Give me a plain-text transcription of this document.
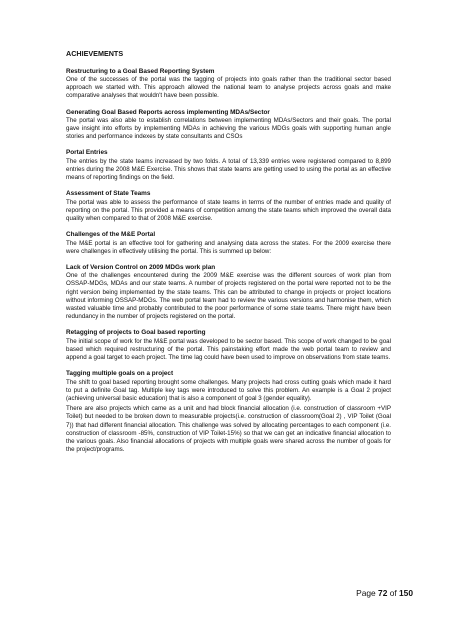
ACHIEVEMENTS
Restructuring to a Goal Based Reporting System

One of the successes of the portal was the tagging of projects into goals rather than the traditional sector based approach we started with. This approach allowed the national team to analyse projects across goals and make comparative analyses that wouldn't have been possible.

Generating Goal Based Reports across implementing MDAs/Sector

The portal was also able to establish correlations between implementing MDAs/Sectors and their goals. The portal gave insight into efforts by implementing MDAs in achieving the various MDGs goals with supporting human angle stories and performance indexes by state consultants and CSOs

Portal Entries

The entries by the state teams increased by two folds. A total of 13,339 entries were registered compared to 8,899 entries during the 2008 M&E Exercise. This shows that state teams are getting used to using the portal as an effective means of reporting findings on the field.

Assessment of State Teams

The portal was able to assess the performance of state teams in terms of the number of entries made and quality of reporting on the portal. This provided a means of competition among the state teams which improved the overall data quality when compared to that of 2008 M&E exercise.

Challenges of the M&E Portal

The M&E portal is an effective tool for gathering and analysing data across the states. For the 2009 exercise there were challenges in effectively utilising the portal. This is summed up below:

Lack of Version Control on 2009 MDGs work plan

One of the challenges encountered during the 2009 M&E exercise was the different sources of work plan from OSSAP-MDGs, MDAs and our state teams. A number of projects registered on the portal were reported not to be the right version being implemented by the state teams. This can be attributed to change in projects or project locations without informing OSSAP-MDGs. The web portal team had to review the various versions and harmonise them, which wasted valuable time and probably contributed to the poor performance of some state teams. There might have been redundancy in the number of projects registered on the portal.

Retagging of projects to Goal based reporting

The initial scope of work for the M&E portal was developed to be sector based. This scope of work changed to be goal based which required restructuring of the portal. This painstaking effort made the web portal team to review and append a goal target to each project. The time lag could have been used to improve on observations from state teams.

Tagging multiple goals on a project

The shift to goal based reporting brought some challenges. Many projects had cross cutting goals which made it hard to put a definite Goal tag. Multiple key tags were introduced to solve this problem. An example is a Goal 2 project (achieving universal basic education) that is also a component of goal 3 (gender equality).

There are also projects which came as a unit and had block financial allocation (i.e. construction of classroom +VIP Toilet) but needed to be broken down to measurable projects(i.e. construction of classroom(Goal 2) , VIP Toilet (Goal 7)) that had different financial allocation. This challenge was solved by allocating percentages to each component (i.e. construction of classroom -85%, construction of VIP Toilet-15%) so that we can get an indicative financial allocation to the various goals. Also financial allocations of projects with multiple goals were shared across the number of goals for the project/programs.

Page 72 of 150
